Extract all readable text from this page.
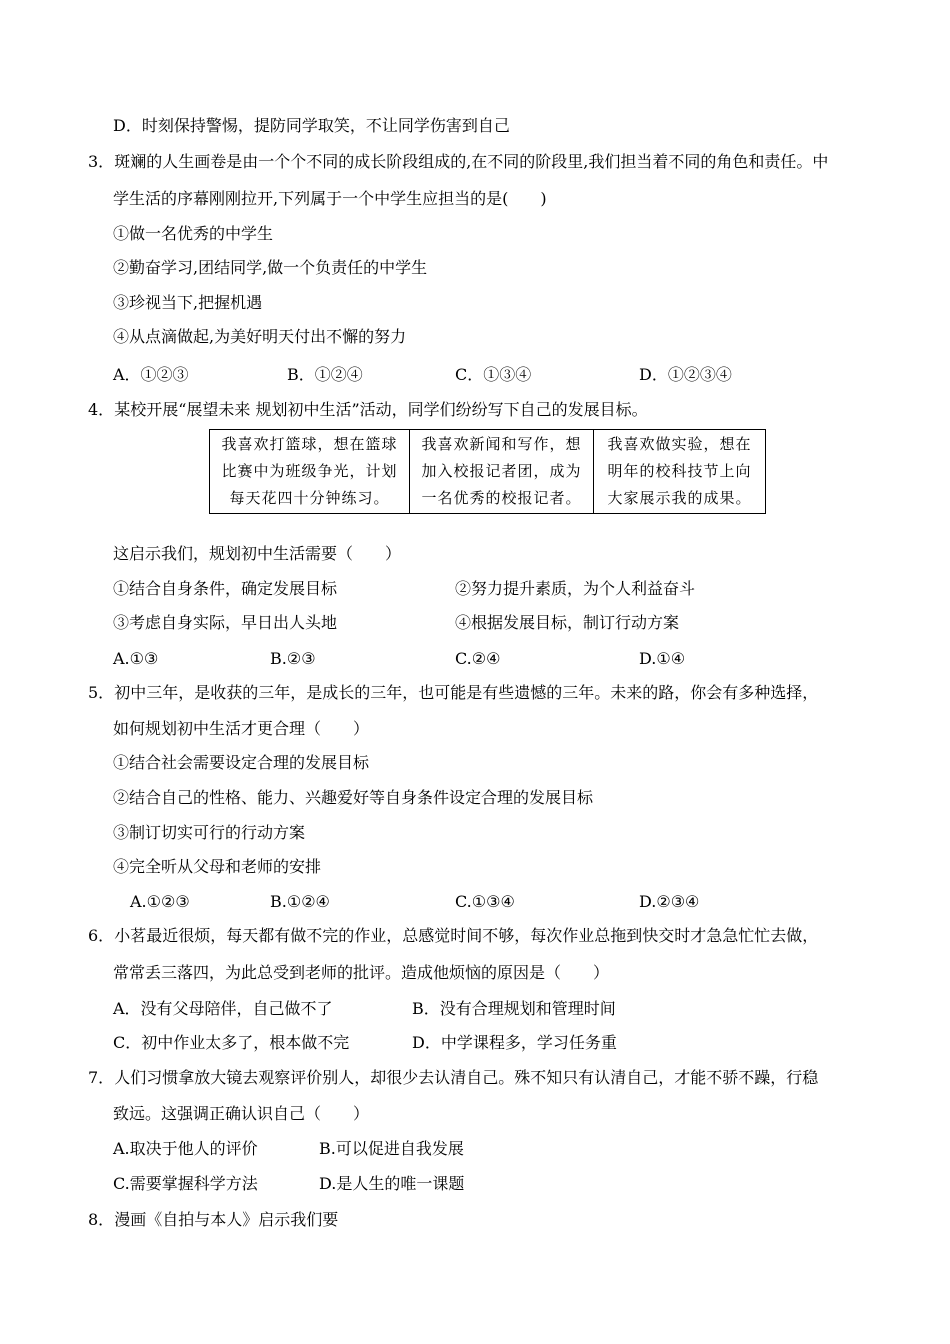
D．时刻保持警惕，提防同学取笑，不让同学伤害到自己
3．斑斓的人生画卷是由一个个不同的成长阶段组成的,在不同的阶段里,我们担当着不同的角色和责任。中
学生活的序幕刚刚拉开,下列属于一个中学生应担当的是(　　)
①做一名优秀的中学生
②勤奋学习,团结同学,做一个负责任的中学生
③珍视当下,把握机遇
④从点滴做起,为美好明天付出不懈的努力
A．①②③	B．①②④	C．①③④	D．①②③④
4．某校开展“展望未来 规划初中生活”活动，同学们纷纷写下自己的发展目标。
我喜欢打篮球，想在篮球
比赛中为班级争光，计划
每天花四十分钟练习。

我喜欢新闻和写作，想
加入校报记者团，成为
一名优秀的校报记者。

我喜欢做实验，想在
明年的校科技节上向
大家展示我的成果。
这启示我们，规划初中生活需要（　　）
①结合自身条件，确定发展目标	②努力提升素质，为个人利益奋斗
③考虑自身实际，早日出人头地	④根据发展目标，制订行动方案
A.①③	B.②③	C.②④	D.①④
5．初中三年，是收获的三年，是成长的三年，也可能是有些遗憾的三年。未来的路，你会有多种选择，
如何规划初中生活才更合理（　　）
①结合社会需要设定合理的发展目标
②结合自己的性格、能力、兴趣爱好等自身条件设定合理的发展目标
③制订切实可行的行动方案
④完全听从父母和老师的安排
A.①②③	B.①②④	C.①③④	D.②③④
6．小茗最近很烦，每天都有做不完的作业，总感觉时间不够，每次作业总拖到快交时才急急忙忙去做，
常常丢三落四，为此总受到老师的批评。造成他烦恼的原因是（　　）
A．没有父母陪伴，自己做不了	B．没有合理规划和管理时间
C．初中作业太多了，根本做不完	D．中学课程多，学习任务重
7．人们习惯拿放大镜去观察评价别人，却很少去认清自己。殊不知只有认清自己，才能不骄不躁，行稳
致远。这强调正确认识自己（　　）
A.取决于他人的评价	B.可以促进自我发展
C.需要掌握科学方法	D.是人生的唯一课题
8．漫画《自拍与本人》启示我们要
